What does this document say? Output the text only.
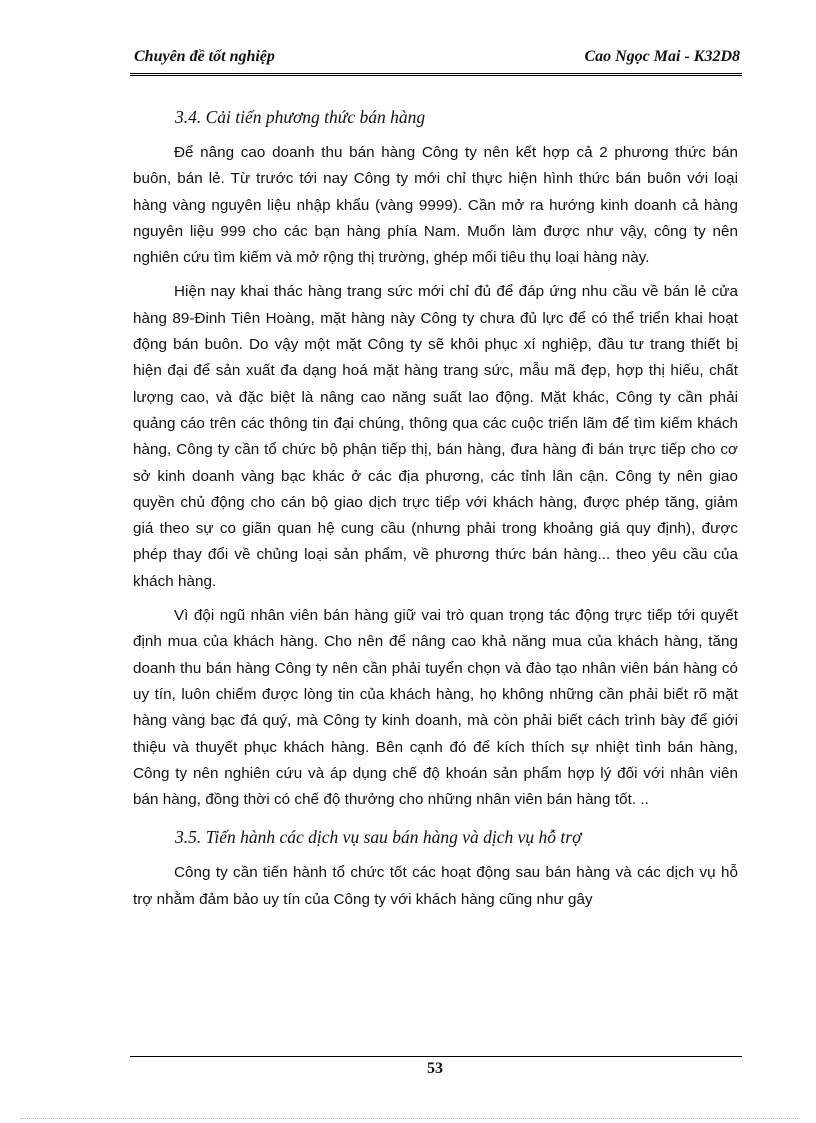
Chuyên đề tốt nghiệp	Cao Ngọc Mai - K32D8
3.4. Cải tiến phương thức bán hàng

Để nâng cao doanh thu bán hàng Công ty nên kết hợp cả 2 phương thức bán buôn, bán lẻ. Từ trước tới nay Công ty mới chỉ thực hiện hình thức bán buôn với loại hàng vàng nguyên liệu nhập khẩu (vàng 9999). Cần mở ra hướng kinh doanh cả hàng nguyên liệu 999 cho các bạn hàng phía Nam. Muốn làm được như vậy, công ty nên nghiên cứu tìm kiếm và mở rộng thị trường, ghép mối tiêu thụ loại hàng này.

Hiện nay khai thác hàng trang sức mới chỉ đủ để đáp ứng nhu cầu về bán lẻ cửa hàng 89-Đinh Tiên Hoàng, mặt hàng này Công ty chưa đủ lực để có thể triển khai hoạt động bán buôn. Do vậy một mặt Công ty sẽ khôi phục xí nghiệp, đầu tư trang thiết bị hiện đại để sản xuất đa dạng hoá mặt hàng trang sức, mẫu mã đẹp, hợp thị hiếu, chất lượng cao, và đặc biệt là nâng cao năng suất lao động. Mặt khác, Công ty cần phải quảng cáo trên các thông tin đại chúng, thông qua các cuộc triển lãm để tìm kiếm khách hàng, Công ty cần tổ chức bộ phận tiếp thị, bán hàng, đưa hàng đi bán trực tiếp cho cơ sở kinh doanh vàng bạc khác ở các địa phương, các tỉnh lân cận. Công ty nên giao quyền chủ động cho cán bộ giao dịch trực tiếp với khách hàng, được phép tăng, giảm giá theo sự co giãn quan hệ cung cầu (nhưng phải trong khoảng giá quy định), được phép thay đổi về chủng loại sản phẩm, về phương thức bán hàng... theo yêu cầu của khách hàng.

Vì đội ngũ nhân viên bán hàng giữ vai trò quan trọng tác động trực tiếp tới quyết định mua của khách hàng. Cho nên để nâng cao khả năng mua của khách hàng, tăng doanh thu bán hàng Công ty nên cần phải tuyển chọn và đào tạo nhân viên bán hàng có uy tín, luôn chiếm được lòng tin của khách hàng, họ không những cần phải biết rõ mặt hàng vàng bạc đá quý, mà Công ty kinh doanh, mà còn phải biết cách trình bày để giới thiệu và thuyết phục khách hàng. Bên cạnh đó để kích thích sự nhiệt tình bán hàng, Công ty nên nghiên cứu và áp dụng chế độ khoán sản phẩm hợp lý đối với nhân viên bán hàng, đồng thời có chế độ thưởng cho những nhân viên bán hàng tốt. ..

3.5. Tiến hành các dịch vụ sau bán hàng và dịch vụ hỗ trợ

Công ty cần tiến hành tổ chức tốt các hoạt động sau bán hàng và các dịch vụ hỗ trợ nhằm đảm bảo uy tín của Công ty với khách hàng cũng như gây

53
